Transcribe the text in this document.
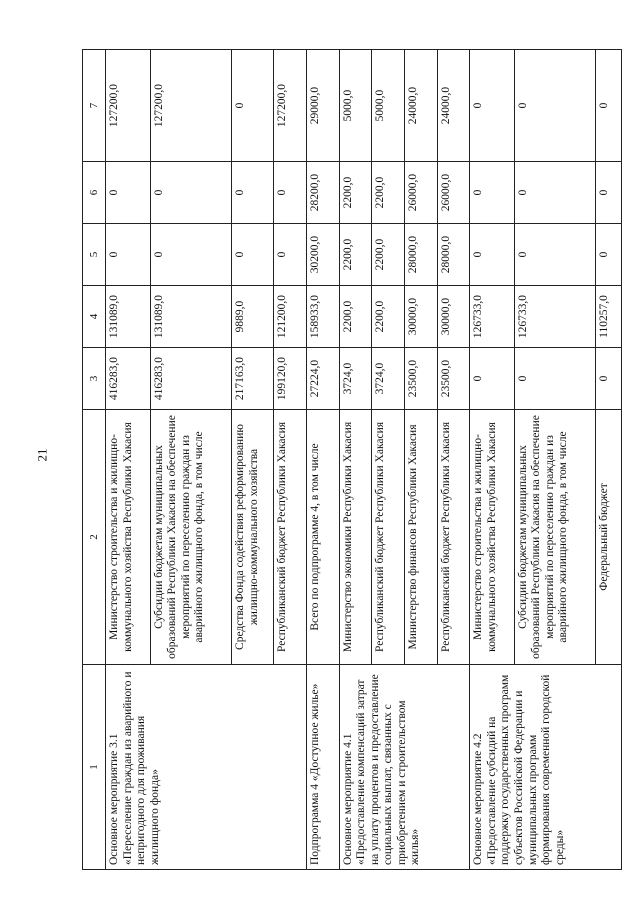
21
1	2	3	4	5	6	7
Основное мероприятие 3.1 «Переселение граждан из аварийного и непригодного для проживания жилищного фонда»	Министерство строительства и жилищно-коммунального хозяйства Республики Хакасия	416283,0	131089,0	0	0	127200,0
	Субсидии бюджетам муниципальных образований Республики Хакасия на обеспечение мероприятий по переселению граждан из аварийного жилищного фонда, в том числе	416283,0	131089,0	0	0	127200,0
	Средства Фонда содействия реформированию жилищно-коммунального хозяйства	217163,0	9889,0	0	0	0
	Республиканский бюджет Республики Хакасия	199120,0	121200,0	0	0	127200,0
Подпрограмма 4 «Доступное жилье»	Всего по подпрограмме 4, в том числе	27224,0	158933,0	30200,0	28200,0	29000,0
Основное мероприятие 4.1 «Предоставление компенсаций затрат на уплату процентов и предоставление социальных выплат, связанных с приобретением и строительством жилья»	Министерство экономики Республики Хакасия	3724,0	2200,0	2200,0	2200,0	5000,0
	Республиканский бюджет Республики Хакасия	3724,0	2200,0	2200,0	2200,0	5000,0
	Министерство финансов Республики Хакасия	23500,0	30000,0	28000,0	26000,0	24000,0
	Республиканский бюджет Республики Хакасия	23500,0	30000,0	28000,0	26000,0	24000,0
Основное мероприятие 4.2 «Предоставление субсидий на поддержку государственных программ субъектов Российской Федерации и муниципальных программ формирования современной городской среды»	Министерство строительства и жилищно-коммунального хозяйства Республики Хакасия	0	126733,0	0	0	0
	Субсидии бюджетам муниципальных образований Республики Хакасия на обеспечение мероприятий по переселению граждан из аварийного жилищного фонда, в том числе	0	126733,0	0	0	0
	Федеральный бюджет	0	110257,0	0	0	0
